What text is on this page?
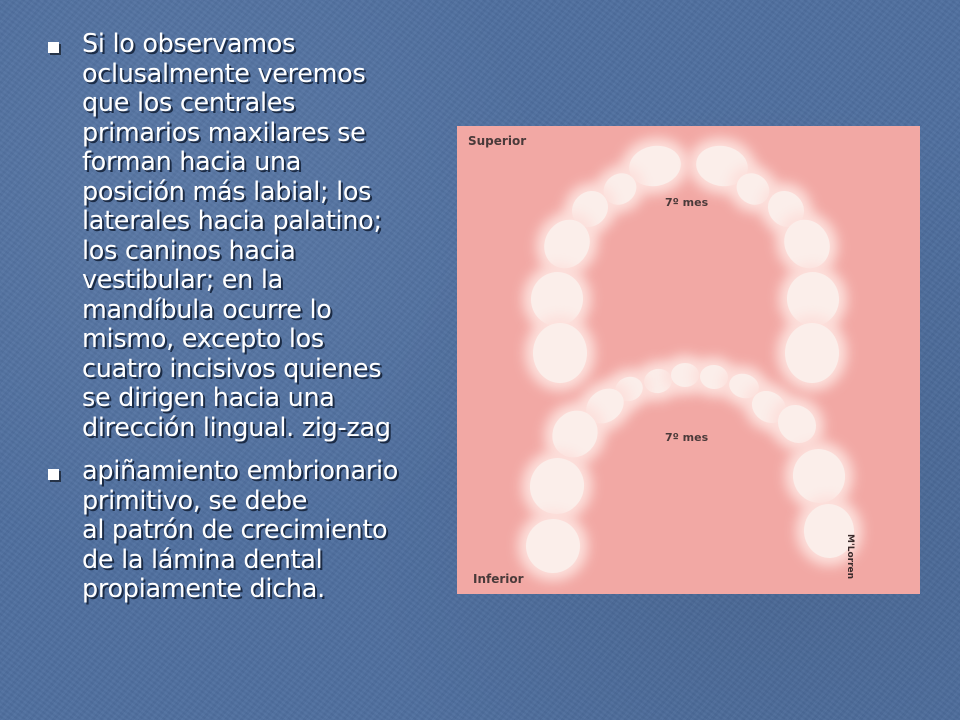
Si lo observamos
oclusalmente veremos
que los centrales
primarios maxilares se
forman hacia una
posición más labial; los
laterales hacia palatino;
los caninos hacia
vestibular; en la
mandíbula ocurre lo
mismo, excepto los
cuatro incisivos quienes
se dirigen hacia una
dirección lingual. zig-zag
apiñamiento embrionario
primitivo, se debe
al patrón de crecimiento
de la lámina dental
propiamente dicha.
Superior
7º mes
7º mes
Inferior	M'Lorren
